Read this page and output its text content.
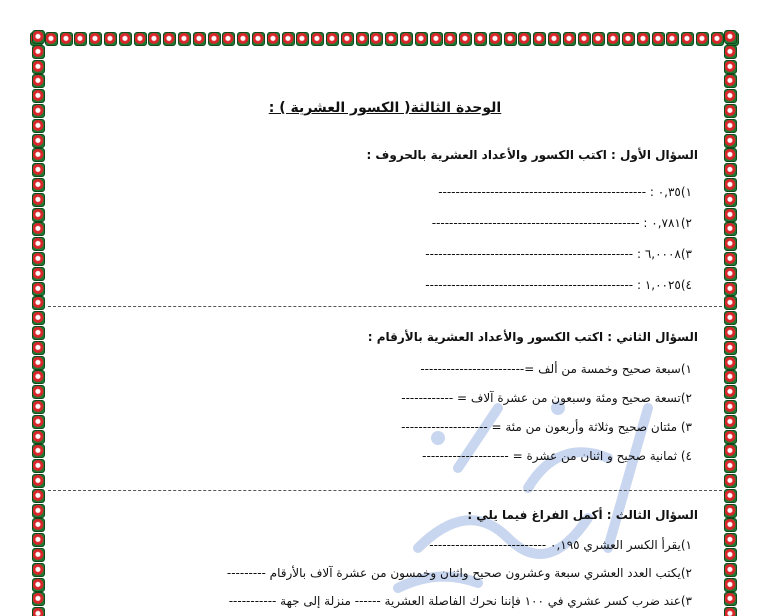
الوحدة الثالثة( الكسور العشرية ) :
السؤال الأول : اكتب الكسور والأعداد العشرية بالحروف :
١)٠,٣٥ : ------------------------------------------------
٢)٠,٧٨١ : ------------------------------------------------
٣)٦,٠٠٠٨ : ------------------------------------------------
٤)١,٠٠٢٥ : ------------------------------------------------
السؤال الثاني : اكتب الكسور والأعداد العشرية بالأرقام :
١)سبعة صحيح وخمسة من ألف =------------------------
٢)تسعة صحيح ومئة وسبعون من عشرة آلاف = ------------
٣) مئتان صحيح وثلاثة وأربعون من مئة = --------------------
٤) ثمانية صحيح و اثنان من عشرة = --------------------
السؤال الثالث : أكمل الفراغ فيما يلي :
١)يقرأ الكسر العشري ٠,١٩٥ ---------------------------
٢)يكتب العدد العشري سبعة وعشرون صحيح واثنان وخمسون من عشرة آلاف بالأرقام ---------
٣)عند ضرب كسر عشري في ١٠٠ فإننا نحرك الفاصلة العشرية ------ منزلة إلى جهة -----------
